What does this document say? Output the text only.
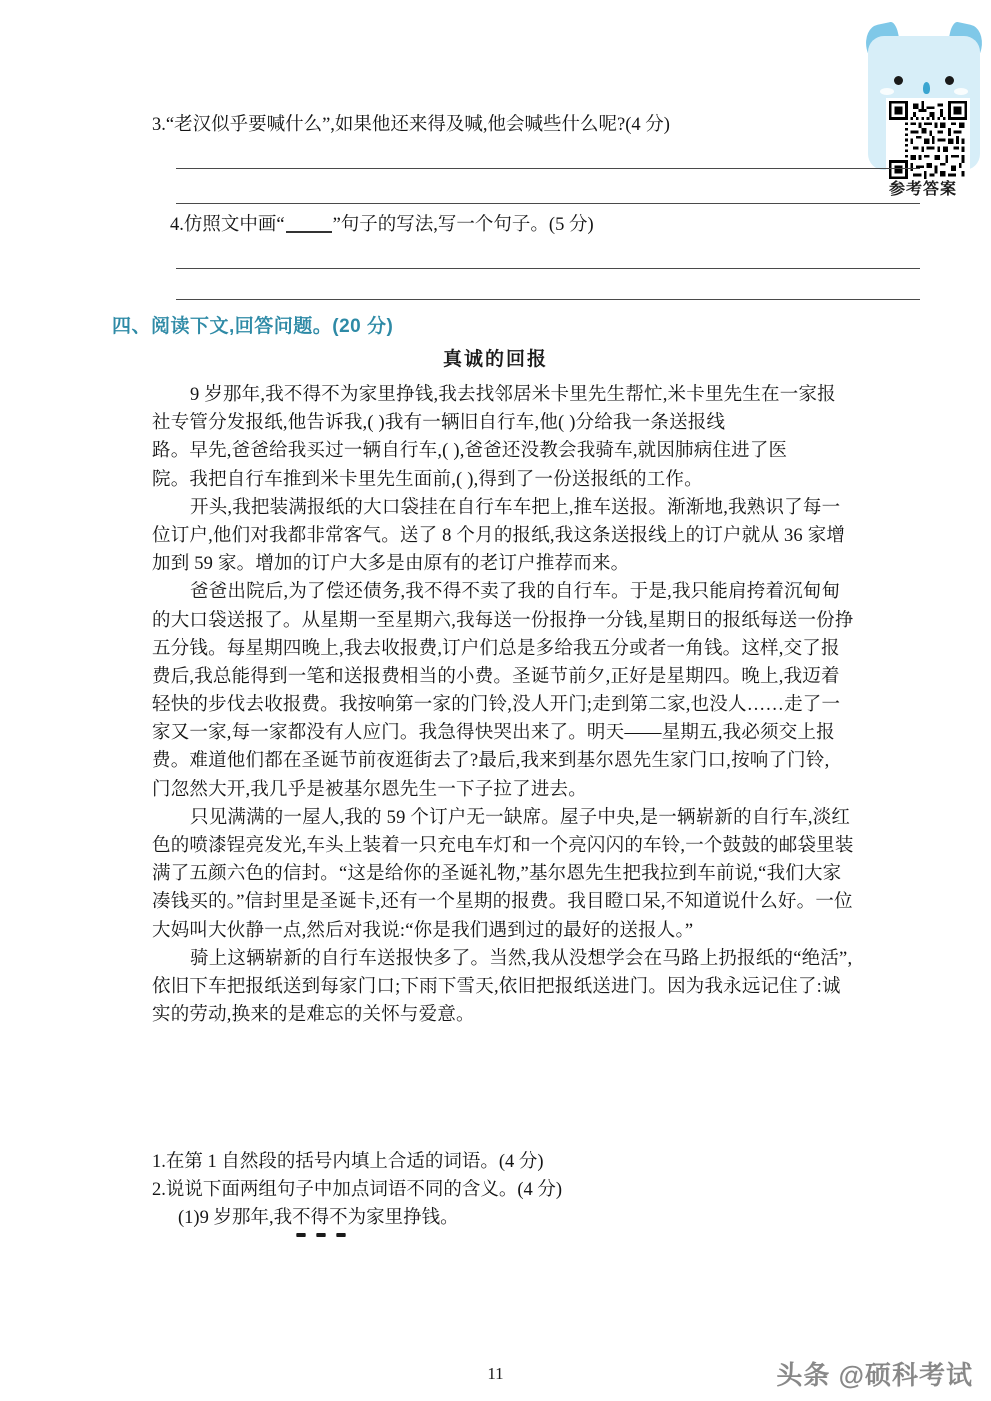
参考答案
3.“老汉似乎要喊什么”,如果他还来得及喊,他会喊些什么呢?(4 分)
4.仿照文中画“	”句子的写法,写一个句子。(5 分)
四、阅读下文,回答问题。(20 分)
真诚的回报
9 岁那年,我不得不为家里挣钱,我去找邻居米卡里先生帮忙,米卡里先生在一家报
社专管分发报纸,他告诉我,( )我有一辆旧自行车,他( )分给我一条送报线
路。早先,爸爸给我买过一辆自行车,( ),爸爸还没教会我骑车,就因肺病住进了医
院。我把自行车推到米卡里先生面前,( ),得到了一份送报纸的工作。
开头,我把装满报纸的大口袋挂在自行车车把上,推车送报。渐渐地,我熟识了每一
位订户,他们对我都非常客气。送了 8 个月的报纸,我这条送报线上的订户就从 36 家增
加到 59 家。增加的订户大多是由原有的老订户推荐而来。
爸爸出院后,为了偿还债务,我不得不卖了我的自行车。于是,我只能肩挎着沉甸甸
的大口袋送报了。从星期一至星期六,我每送一份报挣一分钱,星期日的报纸每送一份挣
五分钱。每星期四晚上,我去收报费,订户们总是多给我五分或者一角钱。这样,交了报
费后,我总能得到一笔和送报费相当的小费。圣诞节前夕,正好是星期四。晚上,我迈着
轻快的步伐去收报费。我按响第一家的门铃,没人开门;走到第二家,也没人……走了一
家又一家,每一家都没有人应门。我急得快哭出来了。明天——星期五,我必须交上报
费。难道他们都在圣诞节前夜逛街去了?最后,我来到基尔恩先生家门口,按响了门铃,
门忽然大开,我几乎是被基尔恩先生一下子拉了进去。
只见满满的一屋人,我的 59 个订户无一缺席。屋子中央,是一辆崭新的自行车,淡红
色的喷漆锃亮发光,车头上装着一只充电车灯和一个亮闪闪的车铃,一个鼓鼓的邮袋里装
满了五颜六色的信封。“这是给你的圣诞礼物,”基尔恩先生把我拉到车前说,“我们大家
凑钱买的。”信封里是圣诞卡,还有一个星期的报费。我目瞪口呆,不知道说什么好。一位
大妈叫大伙静一点,然后对我说:“你是我们遇到过的最好的送报人。”
骑上这辆崭新的自行车送报快多了。当然,我从没想学会在马路上扔报纸的“绝活”,
依旧下车把报纸送到每家门口;下雨下雪天,依旧把报纸送进门。因为我永远记住了:诚
实的劳动,换来的是难忘的关怀与爱意。
1.在第 1 自然段的括号内填上合适的词语。(4 分)
2.说说下面两组句子中加点词语不同的含义。(4 分)
(1)9 岁那年,我不得不为家里挣钱。
11	头条 @硕科考试
